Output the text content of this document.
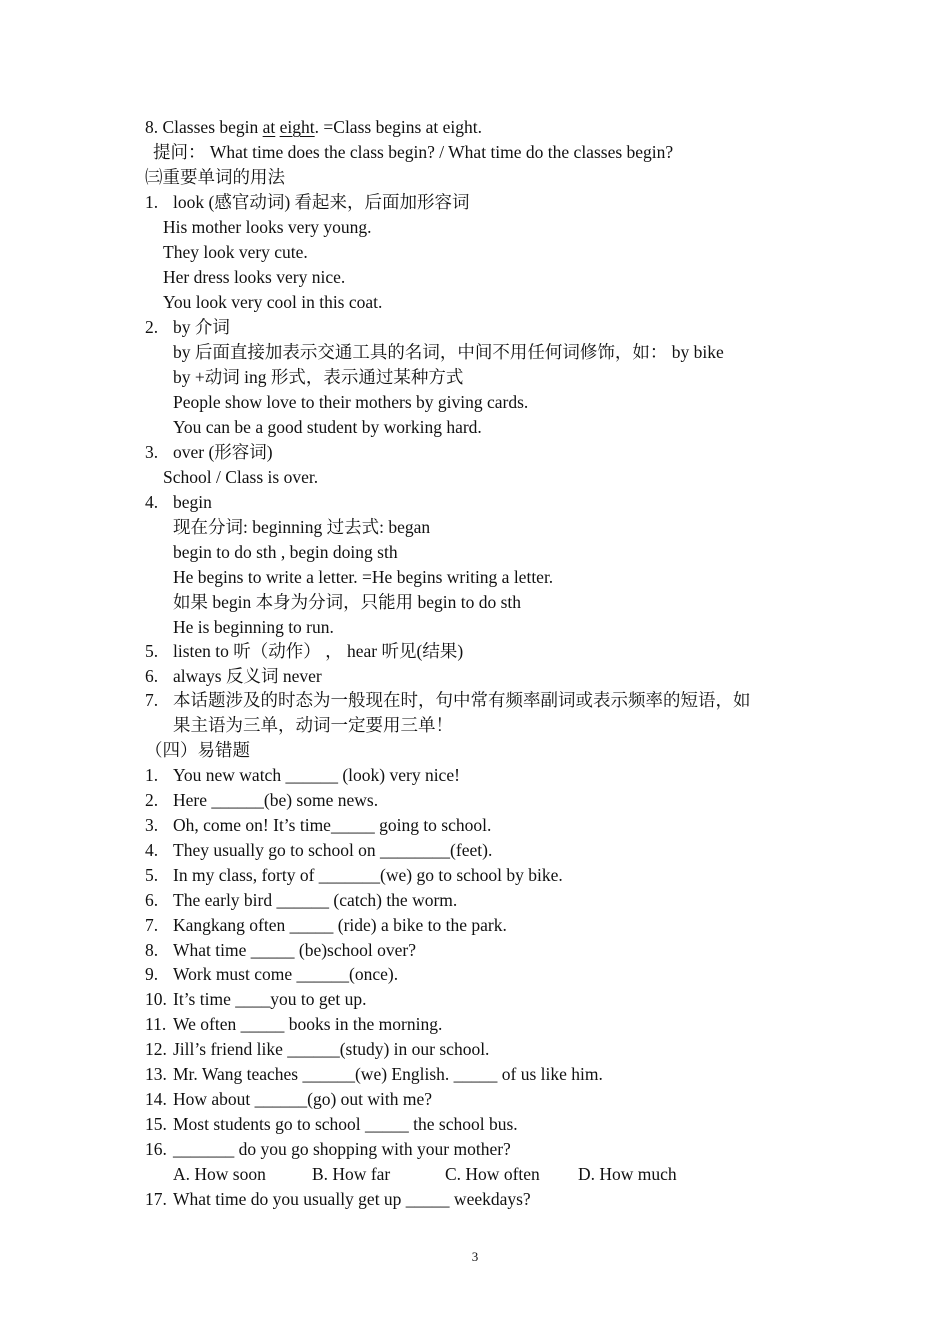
8. Classes begin at eight. =Class begins at eight.
提问： What time does the class begin? / What time do the classes begin?
㈢重要单词的用法
1. look (感官动词) 看起来，后面加形容词
His mother looks very young.
They look very cute.
Her dress looks very nice.
You look very cool in this coat.
2. by 介词
by 后面直接加表示交通工具的名词，中间不用任何词修饰，如： by bike
by +动词 ing 形式，表示通过某种方式
People show love to their mothers by giving cards.
You can be a good student by working hard.
3. over (形容词)
School / Class is over.
4. begin
现在分词: beginning 过去式: began
begin to do sth , begin doing sth
He begins to write a letter. =He begins writing a letter.
如果 begin 本身为分词，只能用 begin to do sth
He is beginning to run.
5. listen to 听（动作） ， hear 听见(结果)
6. always 反义词 never
7. 本话题涉及的时态为一般现在时，句中常有频率副词或表示频率的短语，如
果主语为三单，动词一定要用三单！
（四）易错题
1. You new watch ______ (look) very nice!
2. Here ______(be) some news.
3. Oh, come on! It’s time_____ going to school.
4. They usually go to school on ________(feet).
5. In my class, forty of _______(we) go to school by bike.
6. The early bird ______ (catch) the worm.
7. Kangkang often _____ (ride) a bike to the park.
8. What time _____ (be)school over?
9. Work must come ______(once).
10. It’s time ____you to get up.
11. We often _____ books in the morning.
12. Jill’s friend like ______(study) in our school.
13. Mr. Wang teaches ______(we) English. _____ of us like him.
14. How about ______(go) out with me?
15. Most students go to school _____ the school bus.
16. _______ do you go shopping with your mother?
17. What time do you usually get up _____ weekdays?
A. How soon	B. How far	C. How often D. How much
3
